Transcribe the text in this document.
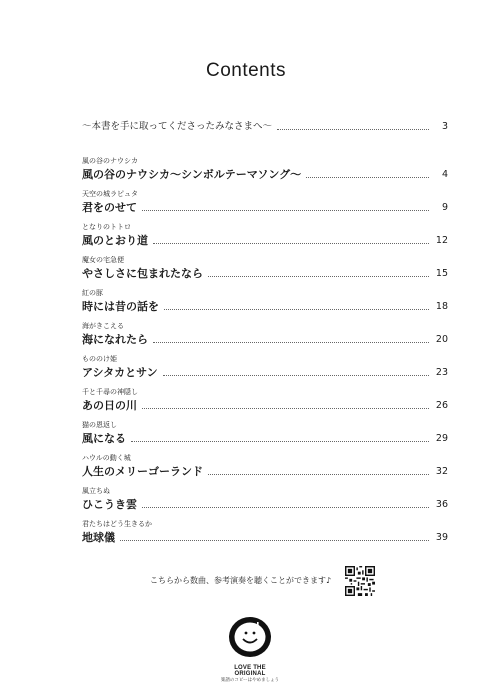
Contents
～本書を手に取ってくださったみなさまへ～	3
風の谷のナウシカ
風の谷のナウシカ～シンボルテーマソング～	4
天空の城ラピュタ
君をのせて	9
となりのトトロ
風のとおり道	12
魔女の宅急便
やさしさに包まれたなら	15
紅の豚
時には昔の話を	18
海がきこえる
海になれたら	20
もののけ姫
アシタカとサン	23
千と千尋の神隠し
あの日の川	26
猫の恩返し
風になる	29
ハウルの動く城
人生のメリーゴーランド	32
風立ちぬ
ひこうき雲	36
君たちはどう生きるか
地球儀	39
こちらから数曲、参考演奏を聴くことができます♪
LOVE THE ORIGINAL
楽譜のコピーはやめましょう
